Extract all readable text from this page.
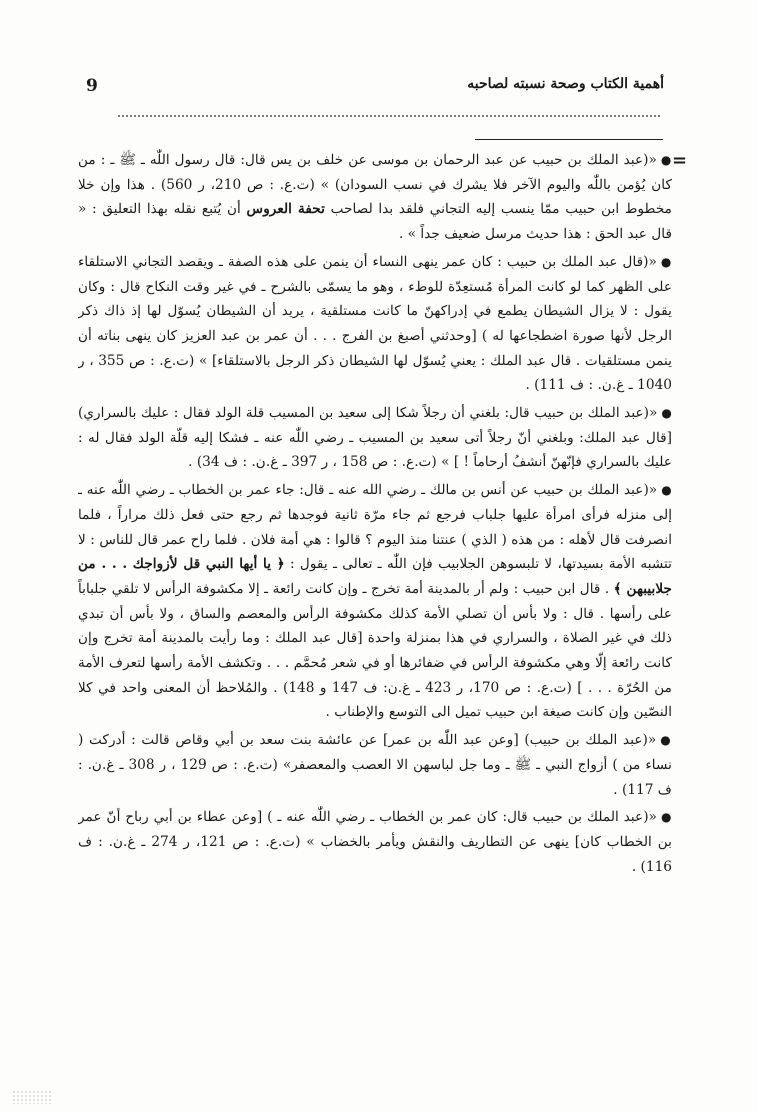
9	أهمية الكتاب وصحة نسبته لصاحبه
=

●«(عبد الملك بن حبيب عن عبد الرحمان بن موسى عن خلف بن يس قال: قال رسول اللّٰه ـ ﷺ ـ : من كان يُؤمن باللّٰه واليوم الآخر فلا يشرك في نسب السودان) » (ت.ع. : ص 210، ر 560) . هذا وإن خلا مخطوط ابن حبيب ممّا ينسب إليه التجاني فلقد بدا لصاحب تحفة العروس أن يُتبع نقله بهذا التعليق : « قال عبد الحق : هذا حديث مرسل ضعيف جداً » .

●«(قال عبد الملك بن حبيب : كان عمر ينهى النساء أن ينمن على هذه الصفة ـ ويقصد التجاني الاستلقاء على الظهر كما لو كانت المرأة مُستعِدّة للوطء ، وهو ما يسمّى بالشرح ـ في غير وقت النكاح قال : وكان يقول : لا يزال الشيطان يطمع في إدراكهنّ ما كانت مستلقية ، يريد أن الشيطان يُسوّل لها إذ ذاك ذكر الرجل لأنها صورة اضطجاعها له ) [وحدثني أصبغ بن الفرج . . . أن عمر بن عبد العزيز كان ينهى بناته أن ينمن مستلقيات . قال عبد الملك : يعني يُسوّل لها الشيطان ذكر الرجل بالاستلقاء] » (ت.ع. : ص 355 ، ر 1040 ـ غ.ن. : ف 111) .

●«(عبد الملك بن حبيب قال: بلغني أن رجلاً شكا إلى سعيد بن المسيب قلة الولد فقال : عليك بالسراري) [قال عبد الملك: وبلغني أنّ رجلاً أتى سعيد بن المسيب ـ رضي اللّٰه عنه ـ فشكا إليه قلّة الولد فقال له : عليك بالسراري فإنّهنّ أنشفُ أرحاماً ! ] » (ت.ع. : ص 158 ، ر 397 ـ غ.ن. : ف 34) .

●«(عبد الملك بن حبيب عن أنس بن مالك ـ رضي الله عنه ـ قال: جاء عمر بن الخطاب ـ رضي اللّٰه عنه ـ إلى منزله فرأى امرأة عليها جلباب فرجع ثم جاء مرّة ثانية فوجدها ثم رجع حتى فعل ذلك مراراً ، فلما انصرفت قال لأهله : من هذه ( الذي ) عنتنا منذ اليوم ؟ قالوا : هي أمة فلان . فلما راح عمر قال للناس : لا تتشبه الأمة بسيدتها، لا تلبسوهن الجلابيب فإن اللّٰه ـ تعالى ـ يقول : ﴿ يا أيها النبي قل لأزواجك . . . من جلابيبهن ﴾ . قال ابن حبيب : ولم أر بالمدينة أمة تخرج ـ وإن كانت رائعة ـ إلا مكشوفة الرأس لا تلقي جلباباً على رأسها . قال : ولا بأس أن تصلي الأمة كذلك مكشوفة الرأس والمعصم والساق ، ولا بأس أن تبدي ذلك في غير الصلاة ، والسراري في هذا بمنزلة واحدة [قال عبد الملك : وما رأيت بالمدينة أمة تخرج وإن كانت رائعة إلّا وهي مكشوفة الرأس في ضفائرها أو في شعر مُحمَّم . . . وتكشف الأمة رأسها لتعرف الأمة من الحُرّة . . . ] (ت.ع. : ص 170، ر 423 ـ غ.ن: ف 147 و 148) . والمُلاحظ أن المعنى واحد في كلا النصّين وإن كانت صيغة ابن حبيب تميل الى التوسع والإطناب .

●«(عبد الملك بن حبيب) [وعن عبد اللّٰه بن عمر] عن عائشة بنت سعد بن أبي وقاص قالت : أدركت ( نساء من ) أزواج النبي ـ ﷺ ـ وما جل لباسهن الا العصب والمعصفر» (ت.ع. : ص 129 ، ر 308 ـ غ.ن. : ف 117) .

●«(عبد الملك بن حبيب قال: كان عمر بن الخطاب ـ رضي اللّٰه عنه ـ ) [وعن عطاء بن أبي رباح أنّ عمر بن الخطاب كان] ينهى عن التطاريف والنقش ويأمر بالخضاب » (ت.ع. : ص 121، ر 274 ـ غ.ن. : ف 116) .
